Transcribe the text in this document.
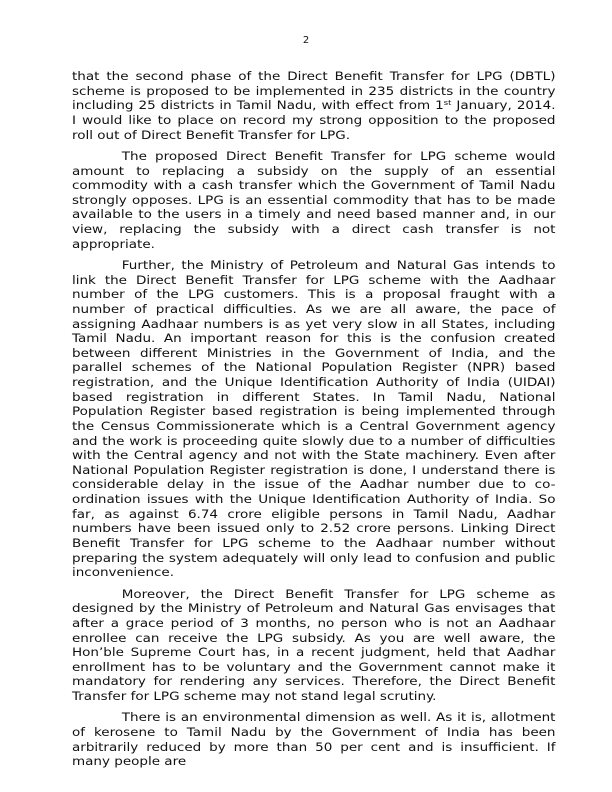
2

that the second phase of the Direct Benefit Transfer for LPG (DBTL) scheme is proposed to be implemented in 235 districts in the country including 25 districts in Tamil Nadu, with effect from 1st January, 2014. I would like to place on record my strong opposition to the proposed roll out of Direct Benefit Transfer for LPG.

The proposed Direct Benefit Transfer for LPG scheme would amount to replacing a subsidy on the supply of an essential commodity with a cash transfer which the Government of Tamil Nadu strongly opposes. LPG is an essential commodity that has to be made available to the users in a timely and need based manner and, in our view, replacing the subsidy with a direct cash transfer is not appropriate.

Further, the Ministry of Petroleum and Natural Gas intends to link the Direct Benefit Transfer for LPG scheme with the Aadhaar number of the LPG customers. This is a proposal fraught with a number of practical difficulties. As we are all aware, the pace of assigning Aadhaar numbers is as yet very slow in all States, including Tamil Nadu. An important reason for this is the confusion created between different Ministries in the Government of India, and the parallel schemes of the National Population Register (NPR) based registration, and the Unique Identification Authority of India (UIDAI) based registration in different States. In Tamil Nadu, National Population Register based registration is being implemented through the Census Commissionerate which is a Central Government agency and the work is proceeding quite slowly due to a number of difficulties with the Central agency and not with the State machinery. Even after National Population Register registration is done, I understand there is considerable delay in the issue of the Aadhar number due to co-ordination issues with the Unique Identification Authority of India. So far, as against 6.74 crore eligible persons in Tamil Nadu, Aadhar numbers have been issued only to 2.52 crore persons. Linking Direct Benefit Transfer for LPG scheme to the Aadhaar number without preparing the system adequately will only lead to confusion and public inconvenience.

Moreover, the Direct Benefit Transfer for LPG scheme as designed by the Ministry of Petroleum and Natural Gas envisages that after a grace period of 3 months, no person who is not an Aadhaar enrollee can receive the LPG subsidy. As you are well aware, the Hon’ble Supreme Court has, in a recent judgment, held that Aadhar enrollment has to be voluntary and the Government cannot make it mandatory for rendering any services. Therefore, the Direct Benefit Transfer for LPG scheme may not stand legal scrutiny.

There is an environmental dimension as well. As it is, allotment of kerosene to Tamil Nadu by the Government of India has been arbitrarily reduced by more than 50 per cent and is insufficient. If many people are
